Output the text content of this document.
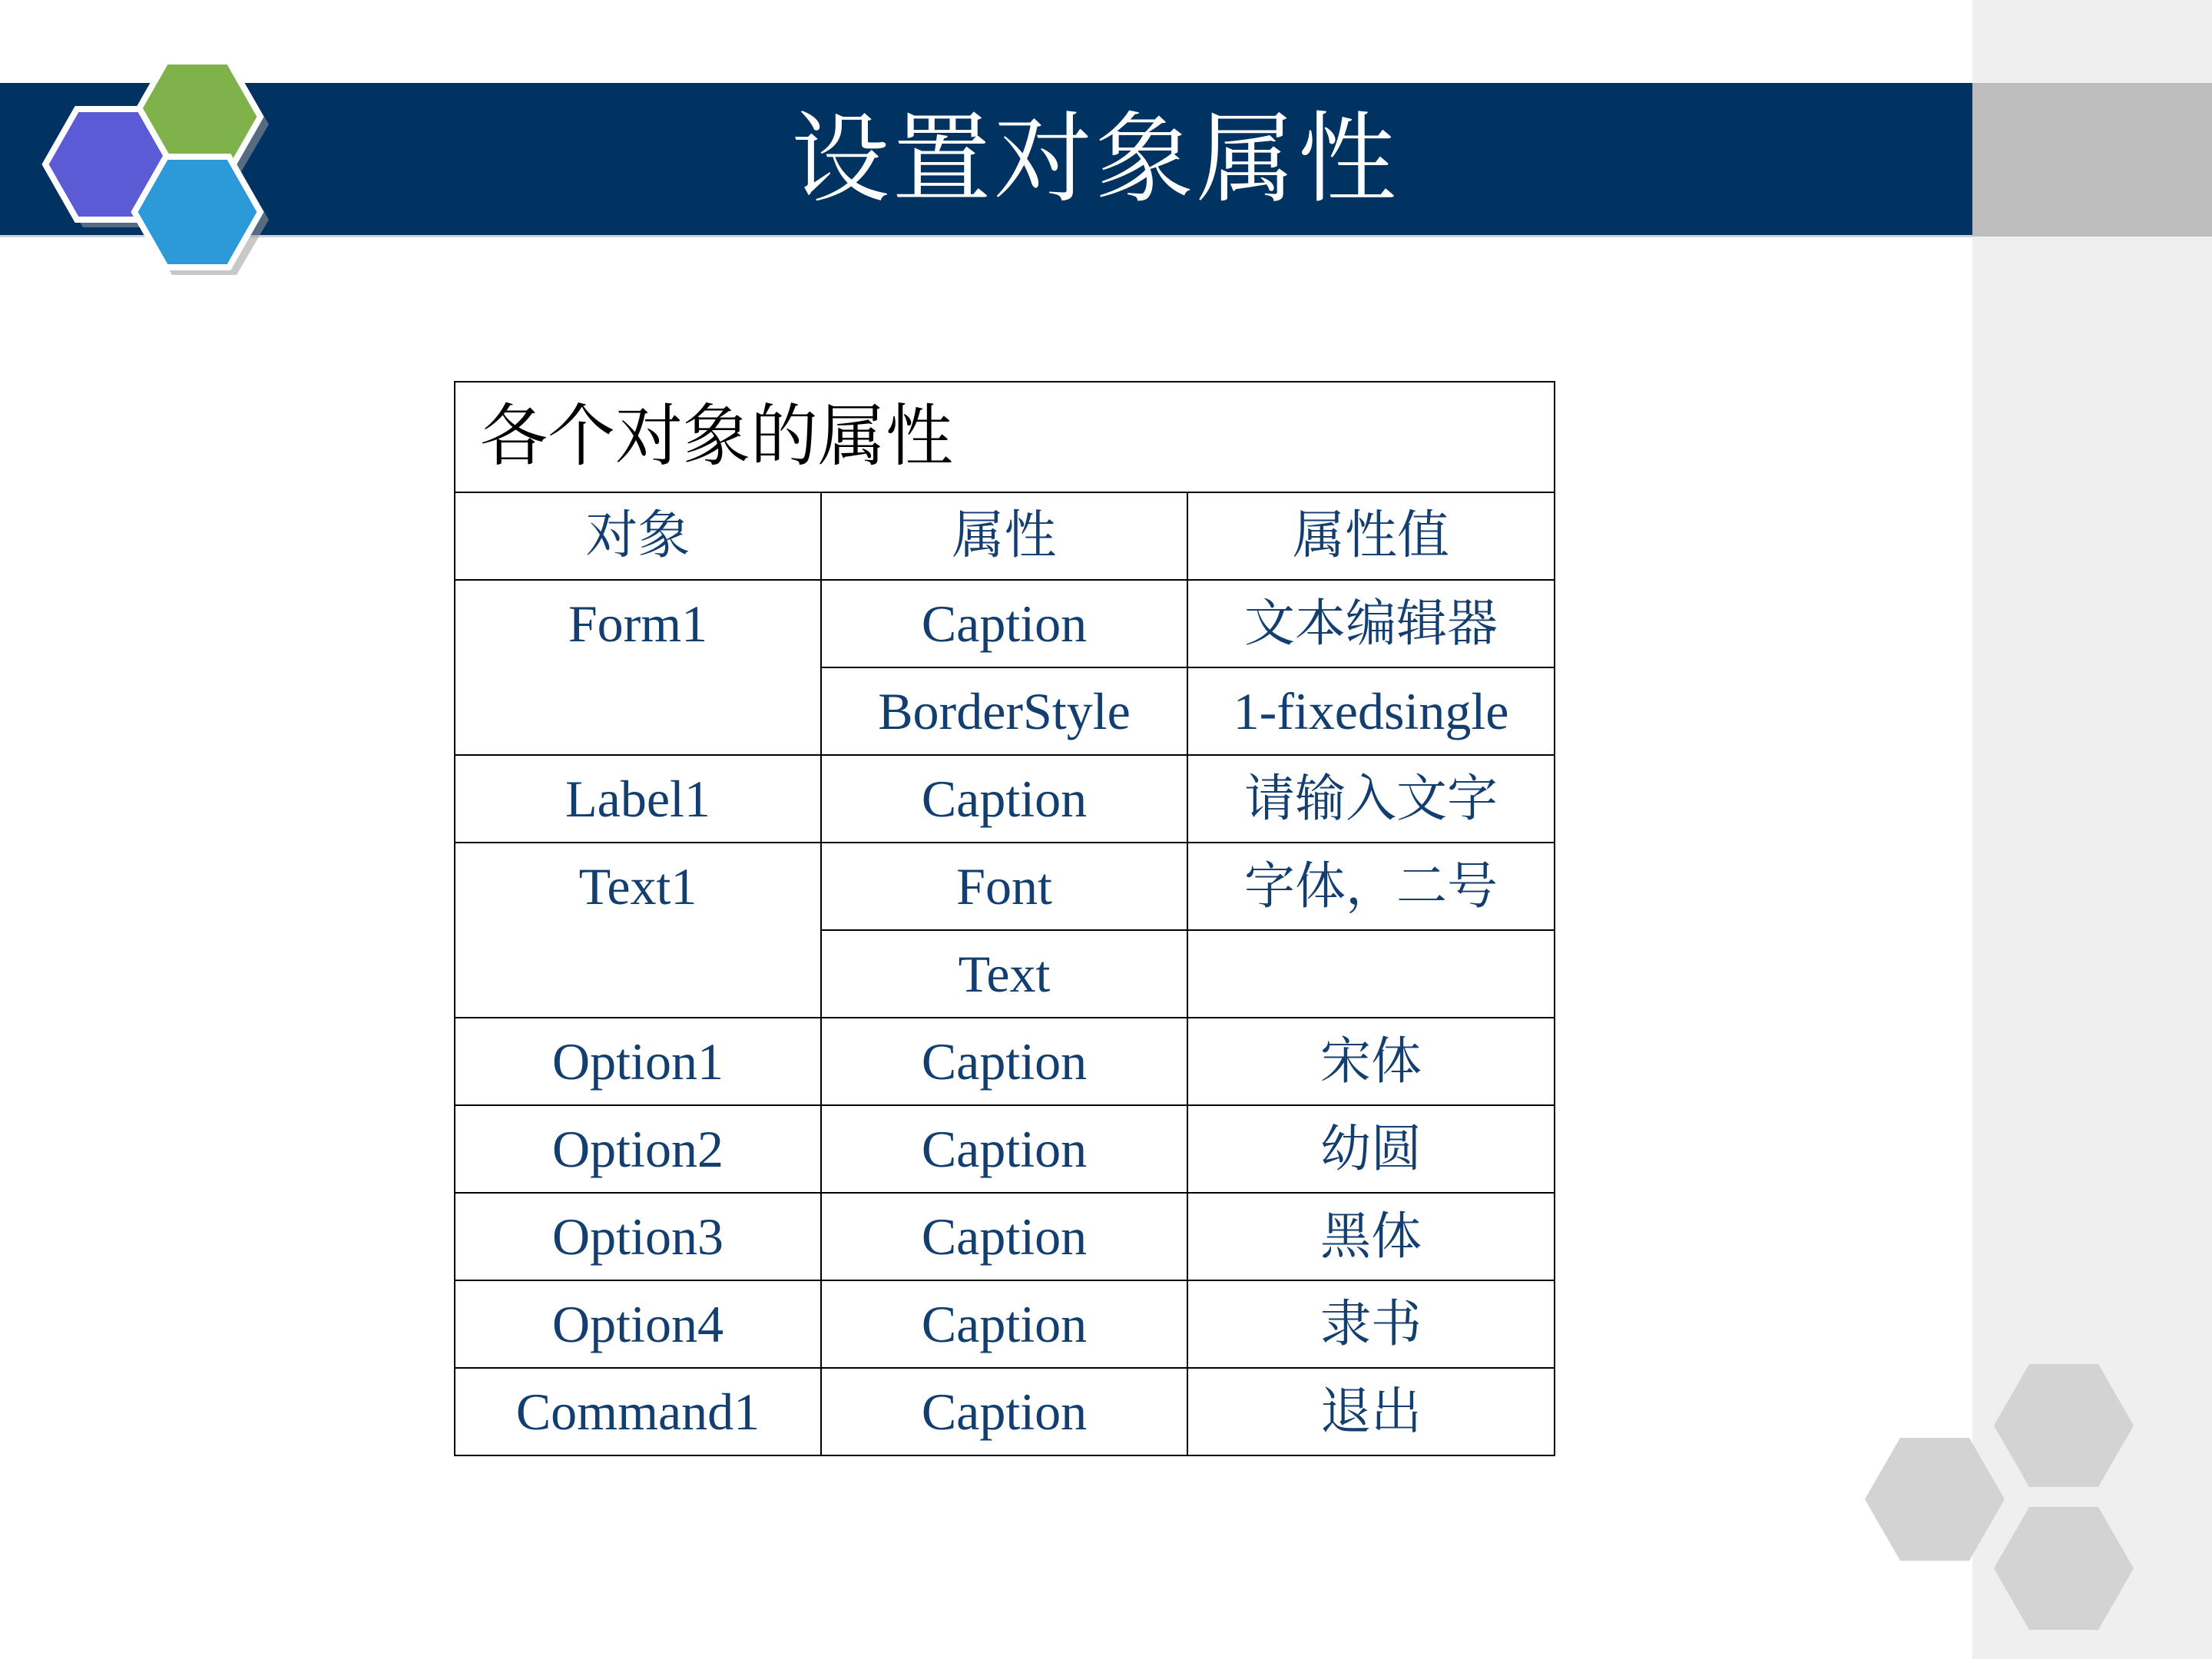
设置对象属性
各个对象的属性		
对象	属性	属性值
Form1	Caption	文本编辑器
	BorderStyle	1-fixedsingle
Label1	Caption	请输入文字
Text1	Font	字体，二号
	Text	
Option1	Caption	宋体
Option2	Caption	幼圆
Option3	Caption	黑体
Option4	Caption	隶书
Command1	Caption	退出
